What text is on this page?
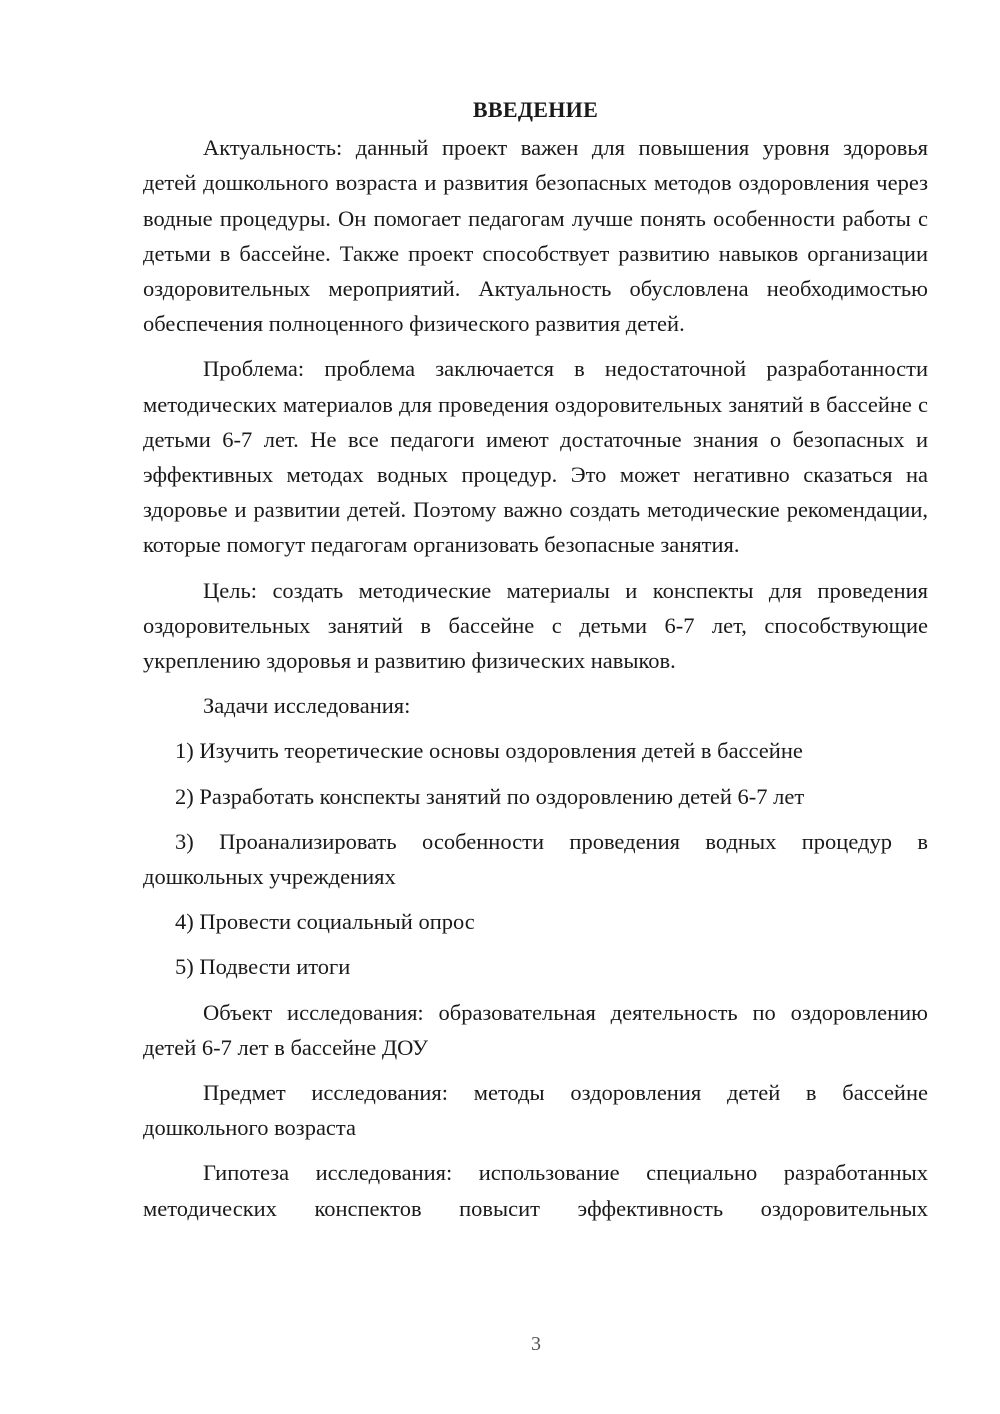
ВВЕДЕНИЕ

Актуальность: данный проект важен для повышения уровня здоровья детей дошкольного возраста и развития безопасных методов оздоровления через водные процедуры. Он помогает педагогам лучше понять особенности работы с детьми в бассейне. Также проект способствует развитию навыков организации оздоровительных мероприятий. Актуальность обусловлена необходимостью обеспечения полноценного физического развития детей.

Проблема: проблема заключается в недостаточной разработанности методических материалов для проведения оздоровительных занятий в бассейне с детьми 6-7 лет. Не все педагоги имеют достаточные знания о безопасных и эффективных методах водных процедур. Это может негативно сказаться на здоровье и развитии детей. Поэтому важно создать методические рекомендации, которые помогут педагогам организовать безопасные занятия.

Цель: создать методические материалы и конспекты для проведения оздоровительных занятий в бассейне с детьми 6-7 лет, способствующие укреплению здоровья и развитию физических навыков.

Задачи исследования:

1) Изучить теоретические основы оздоровления детей в бассейне

2) Разработать конспекты занятий по оздоровлению детей 6-7 лет

3) Проанализировать особенности проведения водных процедур в дошкольных учреждениях

4) Провести социальный опрос

5) Подвести итоги

Объект исследования: образовательная деятельность по оздоровлению детей 6-7 лет в бассейне ДОУ

Предмет исследования: методы оздоровления детей в бассейне дошкольного возраста

Гипотеза исследования: использование специально разработанных методических конспектов повысит эффективность оздоровительных

3
